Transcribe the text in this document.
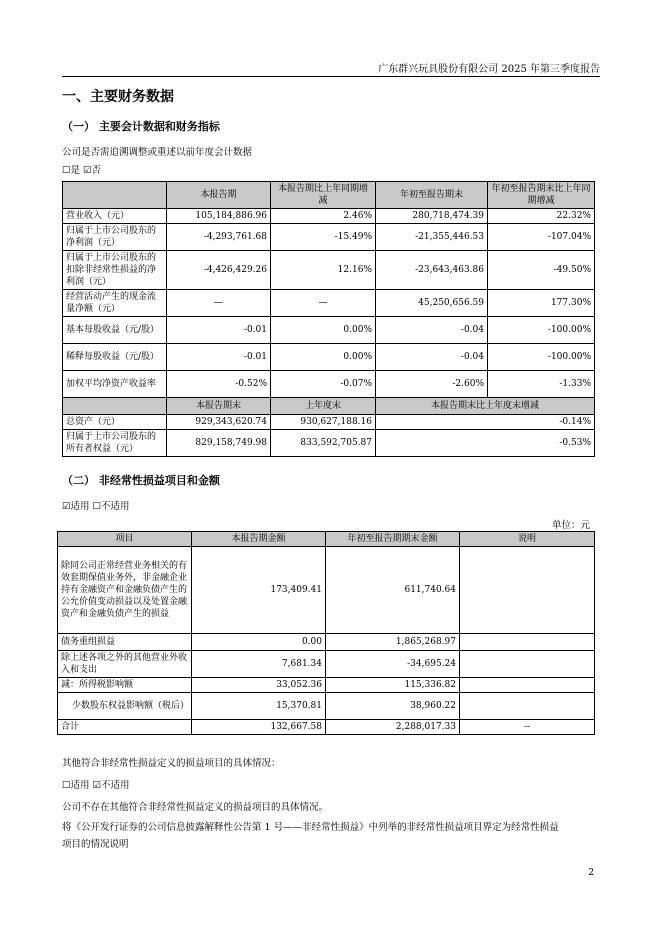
广东群兴玩具股份有限公司 2025 年第三季度报告
一、主要财务数据
（一） 主要会计数据和财务指标
公司是否需追溯调整或重述以前年度会计数据
☐是 ☑否
	本报告期	本报告期比上年同期增减	年初至报告期末	年初至报告期末比上年同期增减
营业收入（元）	105,184,886.96	2.46%	280,718,474.39	22.32%
归属于上市公司股东的净利润（元）	-4,293,761.68	-15.49%	-21,355,446.53	-107.04%
归属于上市公司股东的扣除非经常性损益的净利润（元）	-4,426,429.26	12.16%	-23,643,463.86	-49.50%
经营活动产生的现金流量净额（元）	—	—	45,250,656.59	177.30%
基本每股收益（元/股）	-0.01	0.00%	-0.04	-100.00%
稀释每股收益（元/股）	-0.01	0.00%	-0.04	-100.00%
加权平均净资产收益率	-0.52%	-0.07%	-2.60%	-1.33%
	本报告期末	上年度末	本报告期末比上年度末增减	
总资产（元）	929,343,620.74	930,627,188.16	-0.14%	
归属于上市公司股东的所有者权益（元）	829,158,749.98	833,592,705.87	-0.53%	
（二） 非经常性损益项目和金额
☑适用 ☐不适用
单位：元
项目	本报告期金额	年初至报告期期末金额	说明
除同公司正常经营业务相关的有效套期保值业务外，非金融企业持有金融资产和金融负债产生的公允价值变动损益以及处置金融资产和金融负债产生的损益	173,409.41	611,740.64	
债务重组损益	0.00	1,865,268.97	
除上述各项之外的其他营业外收入和支出	7,681.34	-34,695.24	
减：所得税影响额	33,052.36	115,336.82	
少数股东权益影响额（税后）	15,370.81	38,960.22	
合计	132,667.58	2,288,017.33	--
其他符合非经常性损益定义的损益项目的具体情况：
☐适用 ☑不适用
公司不存在其他符合非经常性损益定义的损益项目的具体情况。
将《公开发行证券的公司信息披露解释性公告第 1 号——非经常性损益》中列举的非经常性损益项目界定为经常性损益
项目的情况说明
2
